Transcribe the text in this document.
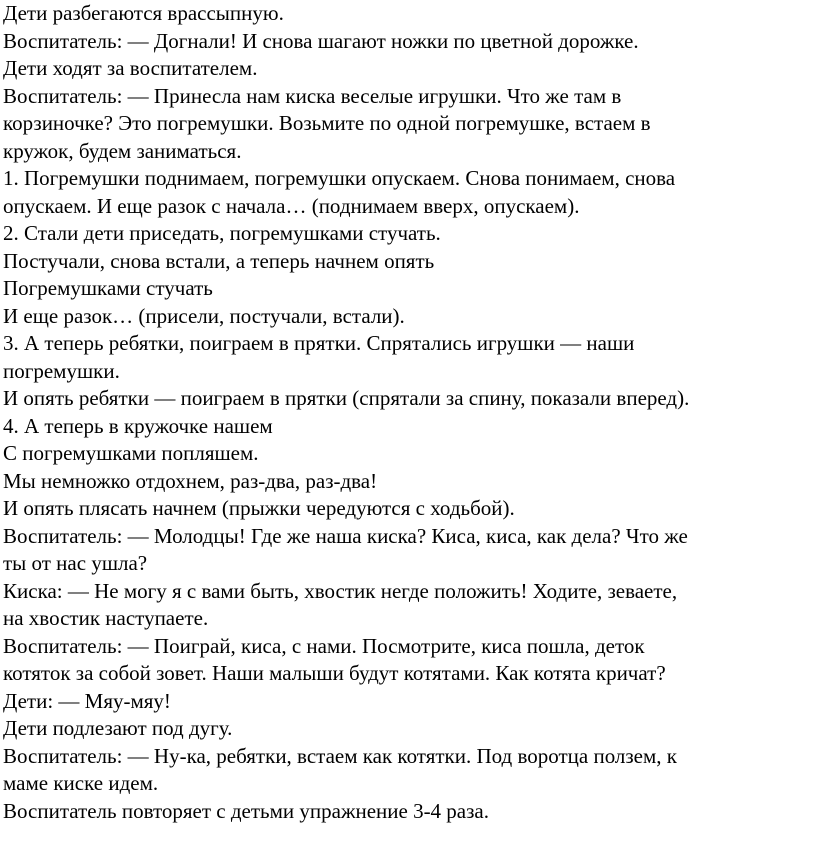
Дети разбегаются врассыпную.
Воспитатель: — Догнали! И снова шагают ножки по цветной дорожке.
Дети ходят за воспитателем.
Воспитатель: — Принесла нам киска веселые игрушки. Что же там в
корзиночке? Это погремушки. Возьмите по одной погремушке, встаем в
кружок, будем заниматься.
1. Погремушки поднимаем, погремушки опускаем. Снова понимаем, снова
опускаем. И еще разок с начала… (поднимаем вверх, опускаем).
2. Стали дети приседать, погремушками стучать.
Постучали, снова встали, а теперь начнем опять
Погремушками стучать
И еще разок… (присели, постучали, встали).
3. А теперь ребятки, поиграем в прятки. Спрятались игрушки — наши
погремушки.
И опять ребятки — поиграем в прятки (спрятали за спину, показали вперед).
4. А теперь в кружочке нашем
С погремушками попляшем.
Мы немножко отдохнем, раз-два, раз-два!
И опять плясать начнем (прыжки чередуются с ходьбой).
Воспитатель: — Молодцы! Где же наша киска? Киса, киса, как дела? Что же
ты от нас ушла?
Киска: — Не могу я с вами быть, хвостик негде положить! Ходите, зеваете,
на хвостик наступаете.
Воспитатель: — Поиграй, киса, с нами. Посмотрите, киса пошла, деток
котяток за собой зовет. Наши малыши будут котятами. Как котята кричат?
Дети: — Мяу-мяу!
Дети подлезают под дугу.
Воспитатель: — Ну-ка, ребятки, встаем как котятки. Под воротца ползем, к
маме киске идем.
Воспитатель повторяет с детьми упражнение 3-4 раза.
